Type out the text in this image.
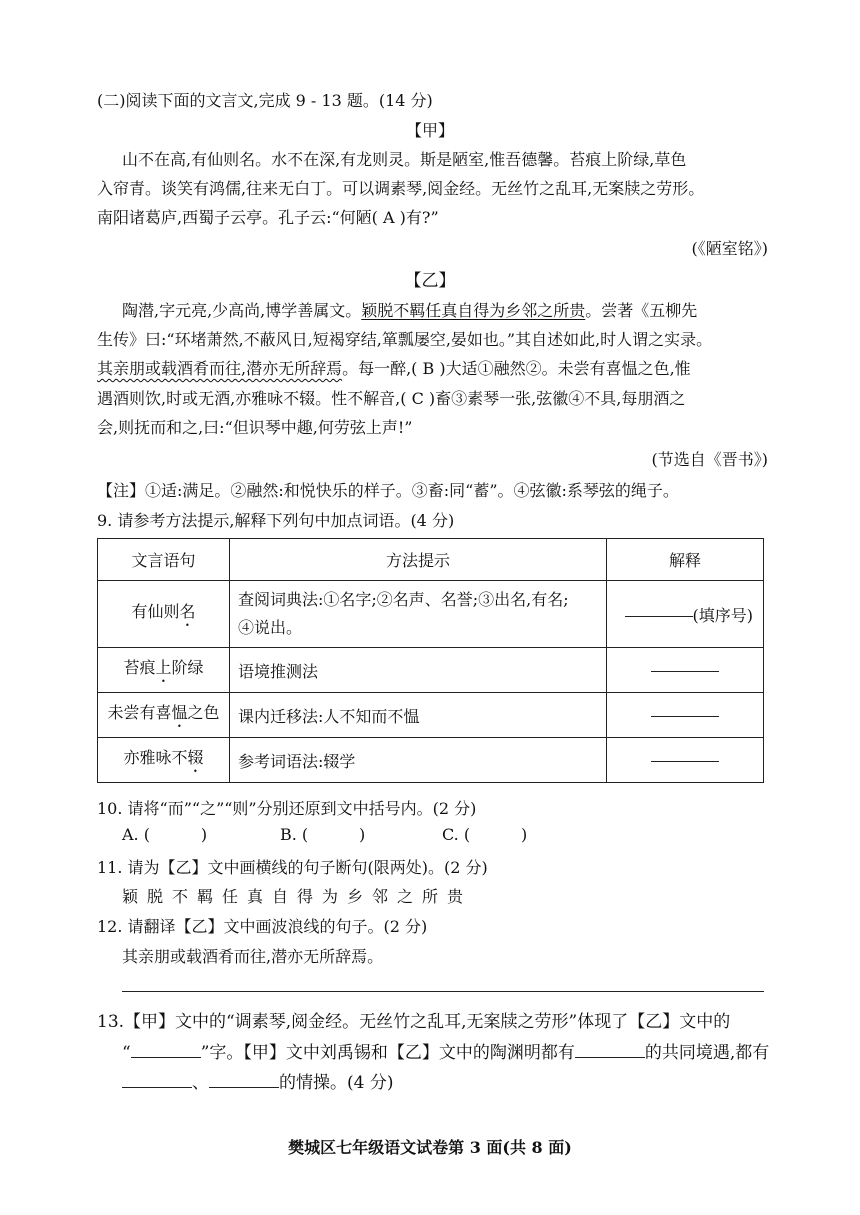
(二)阅读下面的文言文,完成 9 - 13 题。(14 分)
【甲】
山不在高,有仙则名。水不在深,有龙则灵。斯是陋室,惟吾德馨。苔痕上阶绿,草色
入帘青。谈笑有鸿儒,往来无白丁。可以调素琴,阅金经。无丝竹之乱耳,无案牍之劳形。
南阳诸葛庐,西蜀子云亭。孔子云:“何陋( A )有?”
(《陋室铭》)
【乙】
陶潜,字元亮,少高尚,博学善属文。颖脱不羁任真自得为乡邻之所贵。尝著《五柳先
生传》曰:“环堵萧然,不蔽风日,短褐穿结,箪瓢屡空,晏如也。”其自述如此,时人谓之实录。
其亲朋或载酒肴而往,潜亦无所辞焉。每一醉,( B )大适①融然②。未尝有喜愠之色,惟
遇酒则饮,时或无酒,亦雅咏不辍。性不解音,( C )畜③素琴一张,弦徽④不具,每朋酒之
会,则抚而和之,曰:“但识琴中趣,何劳弦上声!”
(节选自《晋书》)
【注】①适:满足。②融然:和悦快乐的样子。③畜:同“蓄”。④弦徽:系琴弦的绳子。
9. 请参考方法提示,解释下列句中加点词语。(4 分)
文言语句	方法提示	解释
有仙则名	查阅词典法:①名字;②名声、名誉;③出名,有名;
④说出。	(填序号)
苔痕上阶绿	语境推测法	
未尝有喜愠之色	课内迁移法:人不知而不愠	
亦雅咏不辍	参考词语法:辍学	
10. 请将“而”“之”“则”分别还原到文中括号内。(2 分)
A. (          )	B. (          )	C. (          )
11. 请为【乙】文中画横线的句子断句(限两处)。(2 分)
颖脱不羁任真自得为乡邻之所贵
12. 请翻译【乙】文中画波浪线的句子。(2 分)
其亲朋或载酒肴而往,潜亦无所辞焉。
13.【甲】文中的“调素琴,阅金经。无丝竹之乱耳,无案牍之劳形”体现了【乙】文中的
“	”字。【甲】文中刘禹锡和【乙】文中的陶渊明都有	的共同境遇,都有
、	的情操。(4 分)
樊城区七年级语文试卷第 3 面(共 8 面)
